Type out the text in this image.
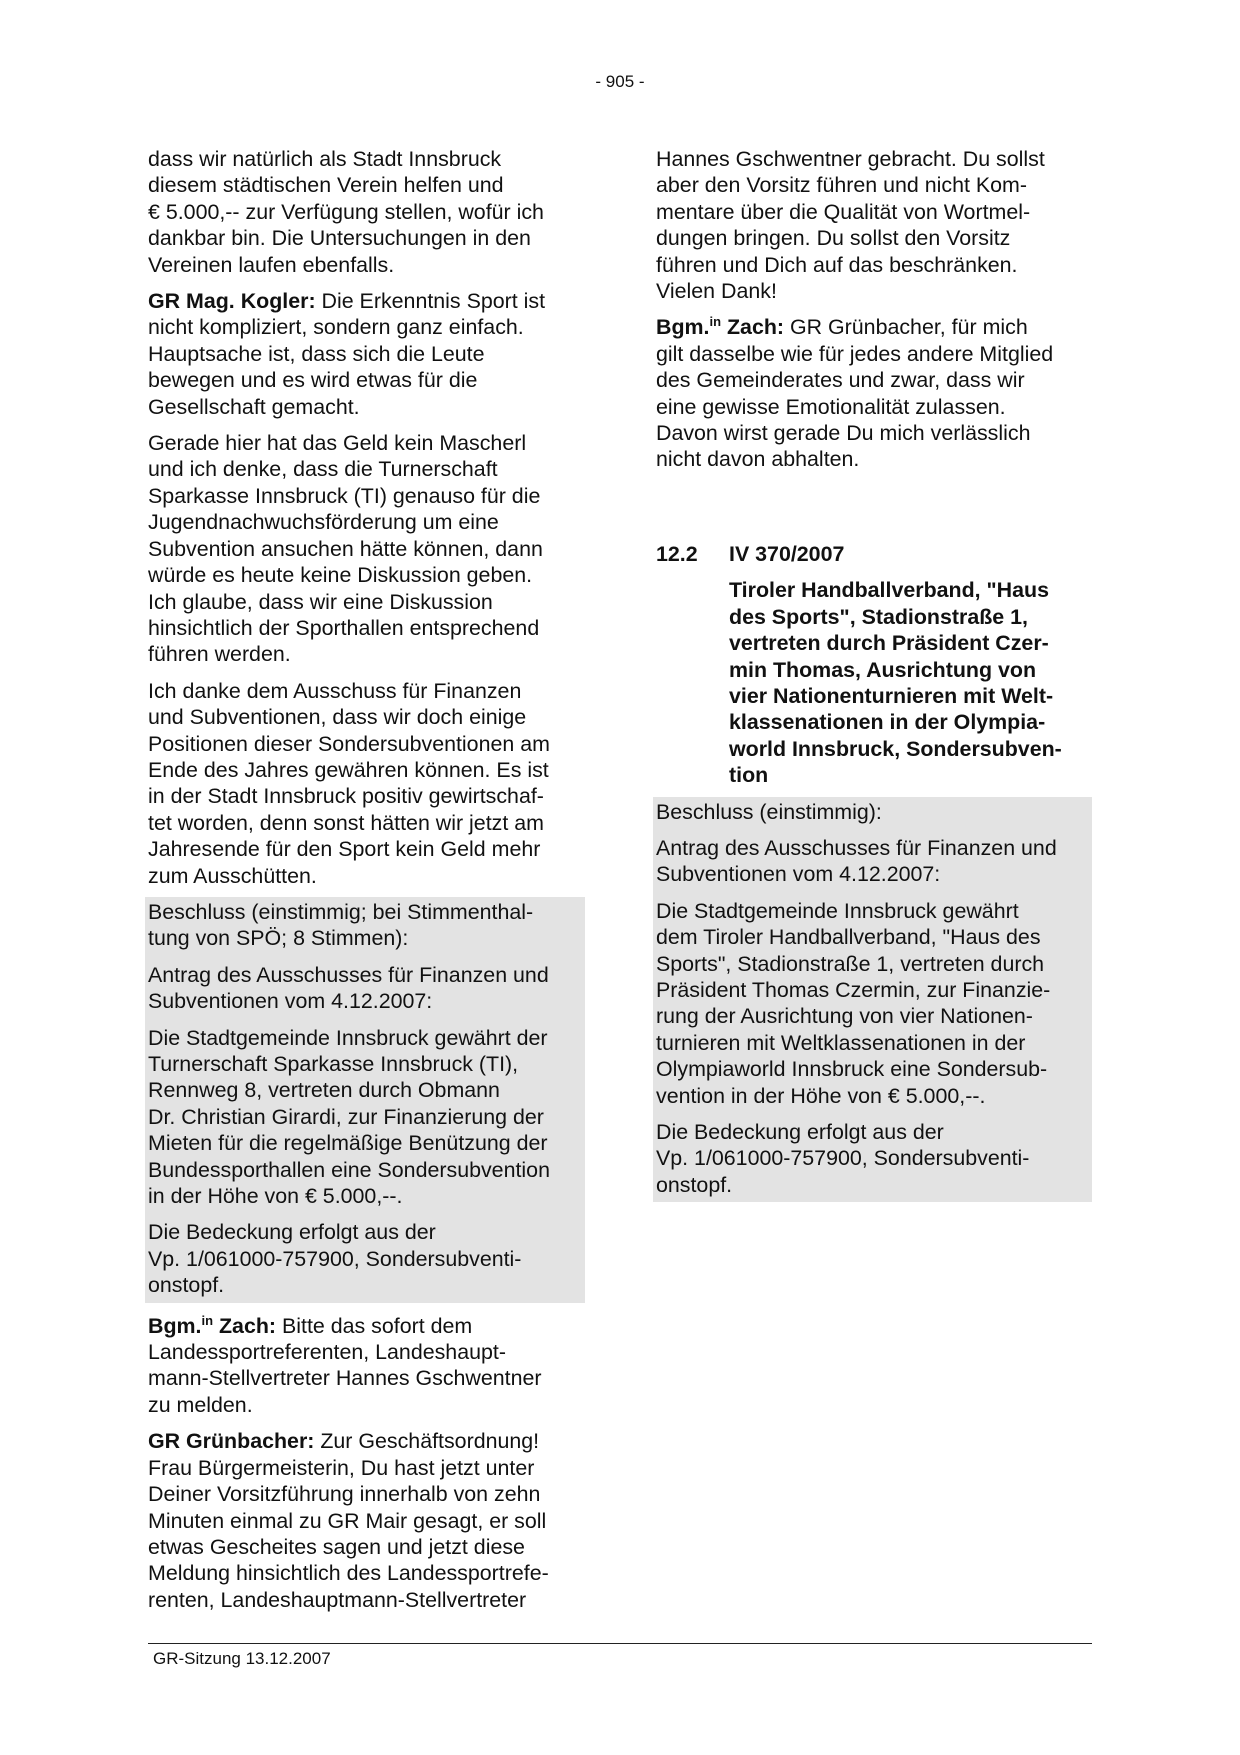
- 905 -

dass wir natürlich als Stadt Innsbruck
diesem städtischen Verein helfen und
€ 5.000,-- zur Verfügung stellen, wofür ich
dankbar bin. Die Untersuchungen in den
Vereinen laufen ebenfalls.

GR Mag. Kogler: Die Erkenntnis Sport ist
nicht kompliziert, sondern ganz einfach.
Hauptsache ist, dass sich die Leute
bewegen und es wird etwas für die
Gesellschaft gemacht.

Gerade hier hat das Geld kein Mascherl
und ich denke, dass die Turnerschaft
Sparkasse Innsbruck (TI) genauso für die
Jugendnachwuchsförderung um eine
Subvention ansuchen hätte können, dann
würde es heute keine Diskussion geben.
Ich glaube, dass wir eine Diskussion
hinsichtlich der Sporthallen entsprechend
führen werden.

Ich danke dem Ausschuss für Finanzen
und Subventionen, dass wir doch einige
Positionen dieser Sondersubventionen am
Ende des Jahres gewähren können. Es ist
in der Stadt Innsbruck positiv gewirtschaf-
tet worden, denn sonst hätten wir jetzt am
Jahresende für den Sport kein Geld mehr
zum Ausschütten.

Beschluss (einstimmig; bei Stimmenthal-
tung von SPÖ; 8 Stimmen):

Antrag des Ausschusses für Finanzen und
Subventionen vom 4.12.2007:

Die Stadtgemeinde Innsbruck gewährt der
Turnerschaft Sparkasse Innsbruck (TI),
Rennweg 8, vertreten durch Obmann
Dr. Christian Girardi, zur Finanzierung der
Mieten für die regelmäßige Benützung der
Bundessporthallen eine Sondersubvention
in der Höhe von € 5.000,--.

Die Bedeckung erfolgt aus der
Vp. 1/061000-757900, Sondersubventi-
onstopf.

Bgm.$^{in}$ Zach: Bitte das sofort dem
Landessportreferenten, Landeshaupt-
mann-Stellvertreter Hannes Gschwentner
zu melden.

GR Grünbacher: Zur Geschäftsordnung!
Frau Bürgermeisterin, Du hast jetzt unter
Deiner Vorsitzführung innerhalb von zehn
Minuten einmal zu GR Mair gesagt, er soll
etwas Gescheites sagen und jetzt diese
Meldung hinsichtlich des Landessportrefe-
renten, Landeshauptmann-Stellvertreter

Hannes Gschwentner gebracht. Du sollst
aber den Vorsitz führen und nicht Kom-
mentare über die Qualität von Wortmel-
dungen bringen. Du sollst den Vorsitz
führen und Dich auf das beschränken.
Vielen Dank!

Bgm.$^{in}$ Zach: GR Grünbacher, für mich
gilt dasselbe wie für jedes andere Mitglied
des Gemeinderates und zwar, dass wir
eine gewisse Emotionalität zulassen.
Davon wirst gerade Du mich verlässlich
nicht davon abhalten.

12.2	IV 370/2007
Tiroler Handballverband, "Haus
des Sports", Stadionstraße 1,
vertreten durch Präsident Czer-
min Thomas, Ausrichtung von
vier Nationenturnieren mit Welt-
klassenationen in der Olympia-
world Innsbruck, Sondersubven-
tion

Beschluss (einstimmig):

Antrag des Ausschusses für Finanzen und
Subventionen vom 4.12.2007:

Die Stadtgemeinde Innsbruck gewährt
dem Tiroler Handballverband, "Haus des
Sports", Stadionstraße 1, vertreten durch
Präsident Thomas Czermin, zur Finanzie-
rung der Ausrichtung von vier Nationen-
turnieren mit Weltklassenationen in der
Olympiaworld Innsbruck eine Sondersub-
vention in der Höhe von € 5.000,--.

Die Bedeckung erfolgt aus der
Vp. 1/061000-757900, Sondersubventi-
onstopf.

GR-Sitzung 13.12.2007
